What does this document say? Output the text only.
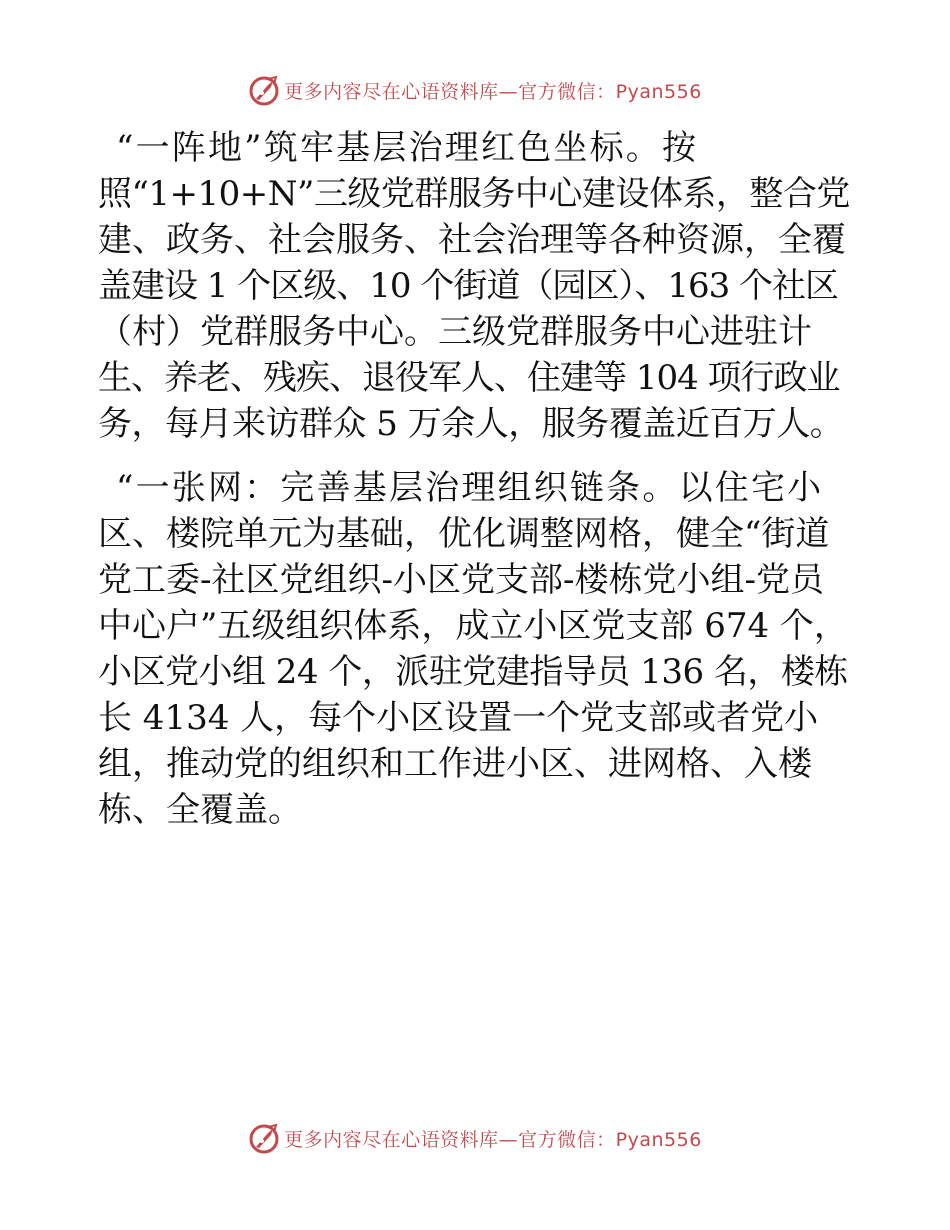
更多内容尽在心语资料库—官方微信：Pyan556

“一阵地”筑牢基层治理红色坐标。按
照“1+10+N”三级党群服务中心建设体系，整合党
建、政务、社会服务、社会治理等各种资源，全覆
盖建设 1 个区级、10 个街道（园区）、163 个社区
（村）党群服务中心。三级党群服务中心进驻计
生、养老、残疾、退役军人、住建等 104 项行政业
务，每月来访群众 5 万余人，服务覆盖近百万人。

“一张网：完善基层治理组织链条。以住宅小
区、楼院单元为基础，优化调整网格，健全“街道
党工委-社区党组织-小区党支部-楼栋党小组-党员
中心户”五级组织体系，成立小区党支部 674 个，
小区党小组 24 个，派驻党建指导员 136 名，楼栋
长 4134 人，每个小区设置一个党支部或者党小
组，推动党的组织和工作进小区、进网格、入楼
栋、全覆盖。

更多内容尽在心语资料库—官方微信：Pyan556
